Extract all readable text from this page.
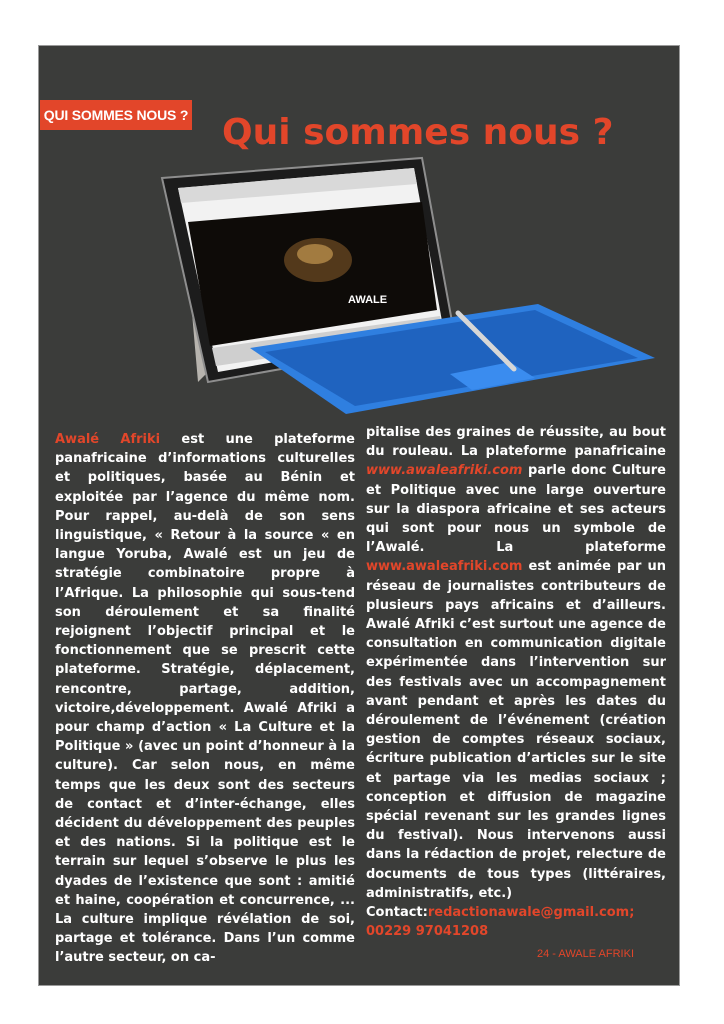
QUI SOMMES NOUS ? Qui sommes nous ?
AWALE
Awalé Afriki est une plateforme panafricaine d’informations culturelles et politiques, basée au Bénin et exploitée par l’agence du même nom. Pour rappel, au-delà de son sens linguistique, « Retour à la source « en langue Yoruba, Awalé est un jeu de stratégie combinatoire propre à l’Afrique. La philosophie qui sous-tend son déroulement et sa finalité rejoignent l’objectif principal et le fonctionnement que se prescrit cette plateforme. Stratégie, déplacement, rencontre, partage, addition, victoire,développement. Awalé Afriki a pour champ d’action « La Culture et la Politique » (avec un point d’honneur à la culture). Car selon nous, en même temps que les deux sont des secteurs de contact et d’inter-échange, elles décident du développement des peuples et des nations. Si la politique est le terrain sur lequel s’observe le plus les dyades de l’existence que sont : amitié et haine, coopération et concurrence, ... La culture implique révélation de soi, partage et tolérance. Dans l’un comme l’autre secteur, on ca-
pitalise des graines de réussite, au bout du rouleau. La plateforme panafricaine www.awaleafriki.com parle donc Culture et Politique avec une large ouverture sur la diaspora africaine et ses acteurs qui sont pour nous un symbole de l’Awalé. La plateforme www.awaleafriki.com est animée par un réseau de journalistes contributeurs de plusieurs pays africains et d’ailleurs. Awalé Afriki c’est surtout une agence de consultation en communication digitale expérimentée dans l’intervention sur des festivals avec un accompagnement avant pendant et après les dates du déroulement de l’événement (création gestion de comptes réseaux sociaux, écriture publication d’articles sur le site et partage via les medias sociaux ; conception et diffusion de magazine spécial revenant sur les grandes lignes du festival). Nous intervenons aussi dans la rédaction de projet, relecture de documents de tous types (littéraires, administratifs, etc.)
Contact:redactionawale@gmail.com;
00229 97041208
24 - AWALE AFRIKI
